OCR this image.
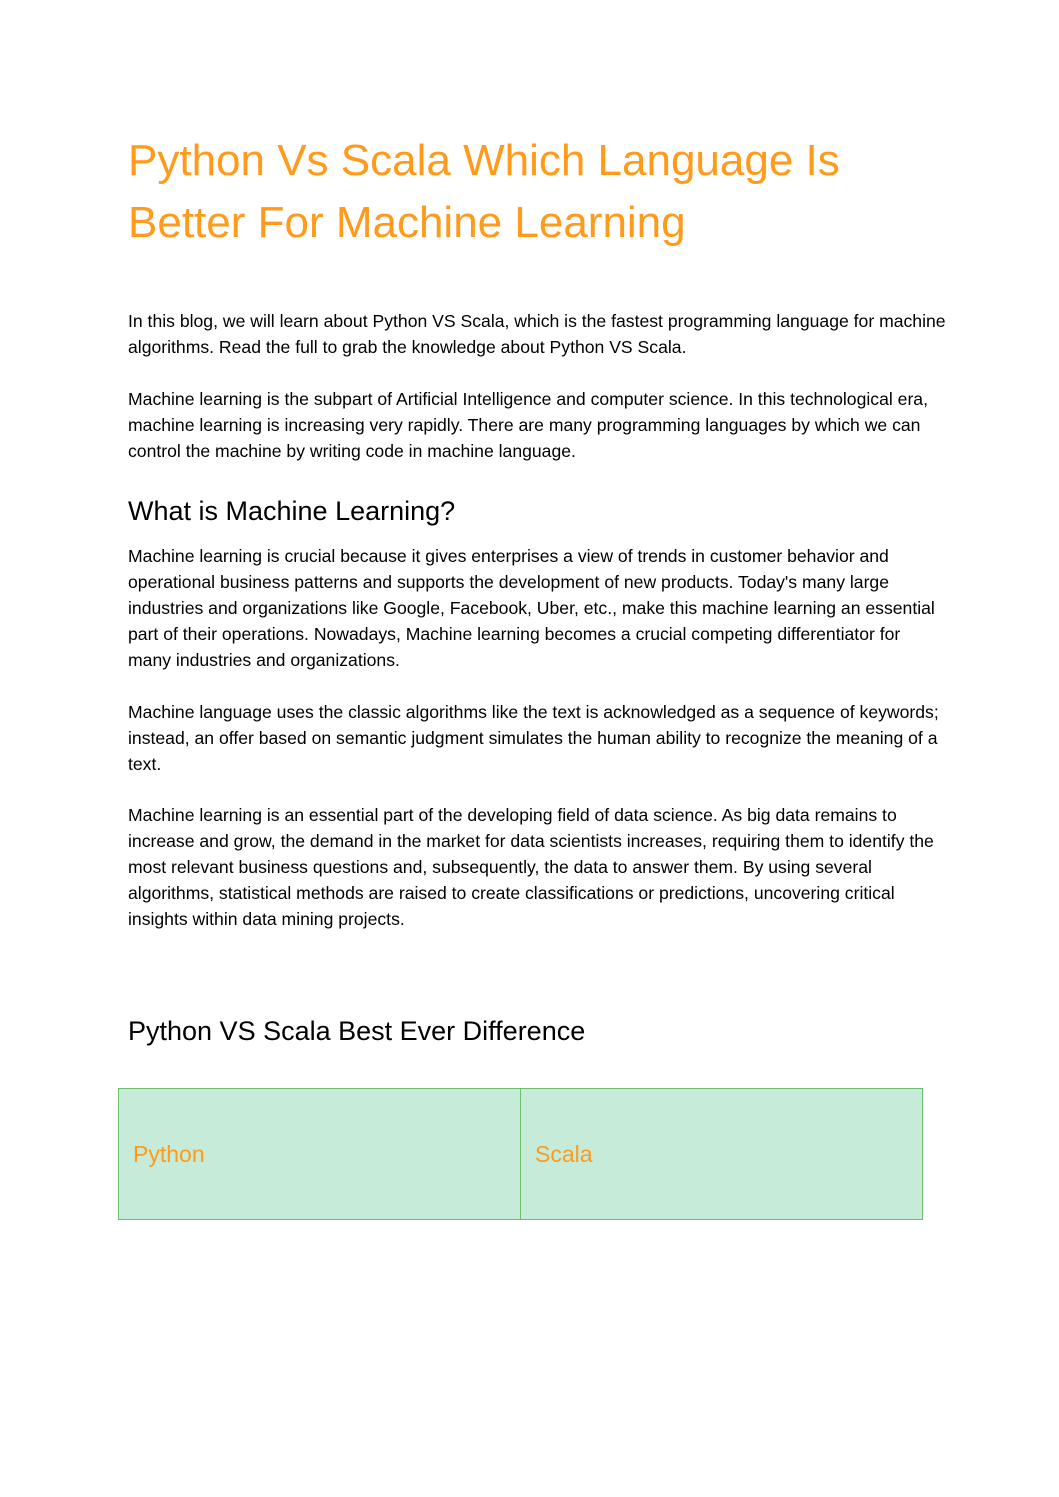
Python Vs Scala Which Language Is Better For Machine Learning

In this blog, we will learn about Python VS Scala, which is the fastest programming language for machine algorithms. Read the full to grab the knowledge about Python VS Scala.

Machine learning is the subpart of Artificial Intelligence and computer science. In this technological era, machine learning is increasing very rapidly. There are many programming languages by which we can control the machine by writing code in machine language.

What is Machine Learning?

Machine learning is crucial because it gives enterprises a view of trends in customer behavior and operational business patterns and supports the development of new products. Today's many large industries and organizations like Google, Facebook, Uber, etc., make this machine learning an essential part of their operations. Nowadays, Machine learning becomes a crucial competing differentiator for many industries and organizations.

Machine language uses the classic algorithms like the text is acknowledged as a sequence of keywords; instead, an offer based on semantic judgment simulates the human ability to recognize the meaning of a text.

Machine learning is an essential part of the developing field of data science. As big data remains to increase and grow, the demand in the market for data scientists increases, requiring them to identify the most relevant business questions and, subsequently, the data to answer them. By using several algorithms, statistical methods are raised to create classifications or predictions, uncovering critical insights within data mining projects.

Python VS Scala Best Ever Difference
Python	Scala
